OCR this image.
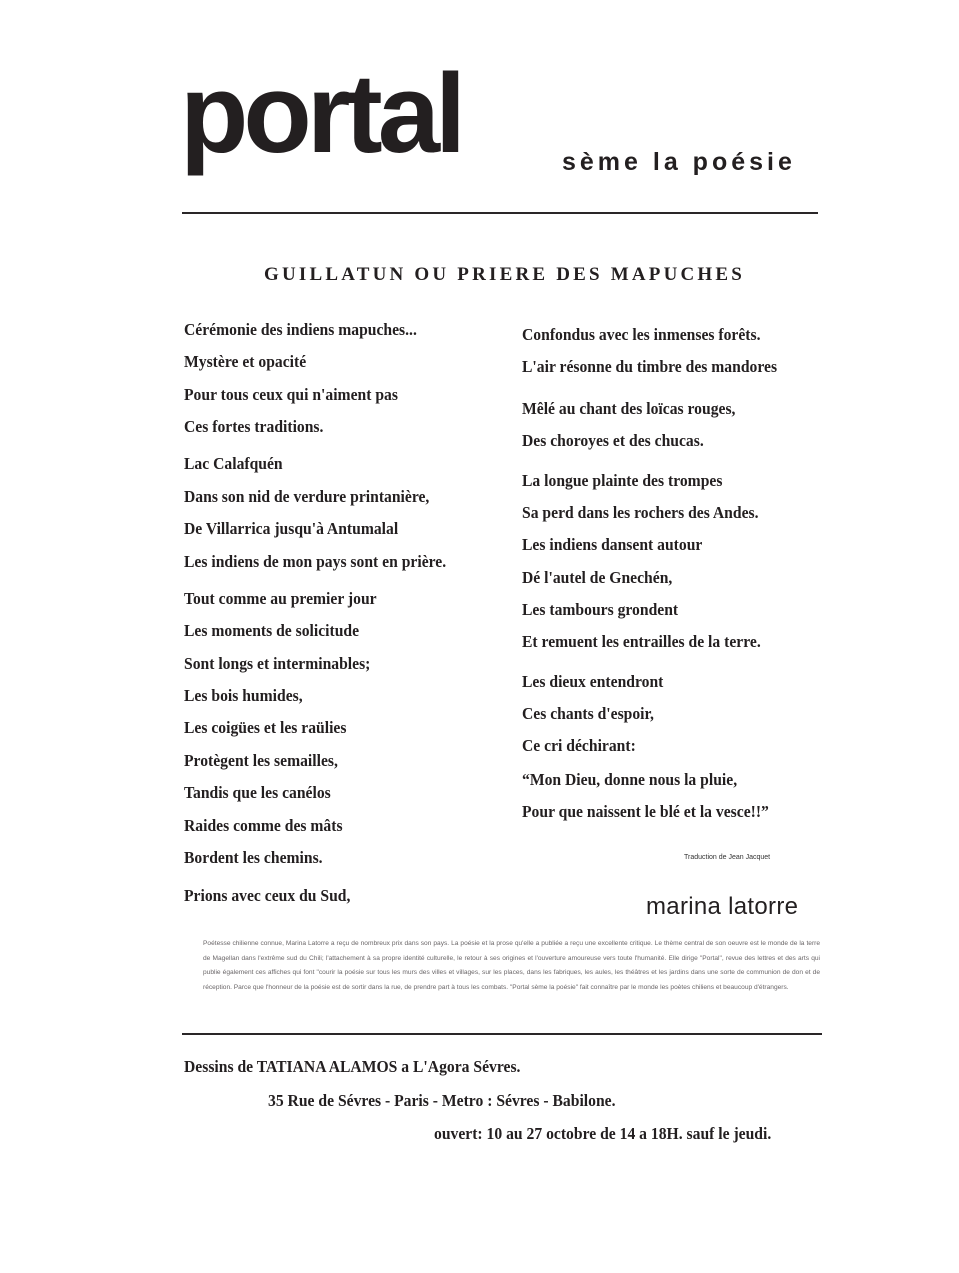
portal	sème la poésie
GUILLATUN OU PRIERE DES MAPUCHES
Cérémonie des indiens mapuches...
Mystère et opacité
Pour tous ceux qui n'aiment pas
Ces fortes traditions.
Lac Calafquén
Dans son nid de verdure printanière,
De Villarrica jusqu'à Antumalal
Les indiens de mon pays sont en prière.
Tout comme au premier jour
Les moments de solicitude
Sont longs et interminables;
Les bois humides,
Les coigües et les raülies
Protègent les semailles,
Tandis que les canélos
Raides comme des mâts
Bordent les chemins.
Prions avec ceux du Sud,
Confondus avec les inmenses forêts.
L'air résonne du timbre des mandores
Mêlé au chant des loïcas rouges,
Des choroyes et des chucas.
La longue plainte des trompes
Sa perd dans les rochers des Andes.
Les indiens dansent autour
Dé l'autel de Gnechén,
Les tambours grondent
Et remuent les entrailles de la terre.
Les dieux entendront
Ces chants d'espoir,
Ce cri déchirant:
“Mon Dieu, donne nous la pluie,
Pour que naissent le blé et la vesce!!”
Traduction de Jean Jacquet
marina latorre
Poétesse chilienne connue, Marina Latorre a reçu de nombreux prix dans son pays. La poésie et la prose qu'elle a publiée a reçu une excellente critique. Le thème central de son oeuvre est le monde de la terre de Magellan dans l'extrême sud du Chili; l'attachement à sa propre identité culturelle, le retour à ses origines et l'ouverture amoureuse vers toute l'humanité. Elle dirige "Portal", revue des lettres et des arts qui publie également ces affiches qui font "courir la poésie sur tous les murs des villes et villages, sur les places, dans les fabriques, les aules, les théâtres et les jardins dans une sorte de communion de don et de réception. Parce que l'honneur de la poésie est de sortir dans la rue, de prendre part à tous les combats. "Portal sème la poésie" fait connaître par le monde les poètes chiliens et beaucoup d'étrangers.
Dessins de TATIANA ALAMOS a L'Agora Sévres.
35 Rue de Sévres - Paris - Metro : Sévres - Babilone.
ouvert: 10 au 27 octobre de 14 a 18H. sauf le jeudi.
